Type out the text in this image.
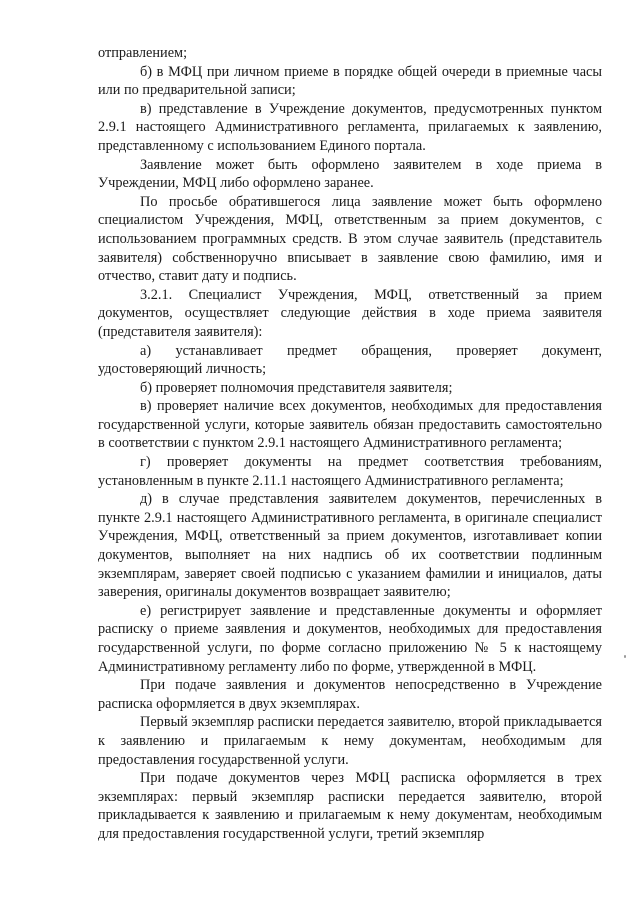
отправлением;

б) в МФЦ при личном приеме в порядке общей очереди в приемные часы или по предварительной записи;

в) представление в Учреждение документов, предусмотренных пунктом 2.9.1 настоящего Административного регламента, прилагаемых к заявлению, представленному с использованием Единого портала.

Заявление может быть оформлено заявителем в ходе приема в Учреждении, МФЦ либо оформлено заранее.

По просьбе обратившегося лица заявление может быть оформлено специалистом Учреждения, МФЦ, ответственным за прием документов, с использованием программных средств. В этом случае заявитель (представитель заявителя) собственноручно вписывает в заявление свою фамилию, имя и отчество, ставит дату и подпись.

3.2.1. Специалист Учреждения, МФЦ, ответственный за прием документов, осуществляет следующие действия в ходе приема заявителя (представителя заявителя):

а) устанавливает предмет обращения, проверяет документ, удостоверяющий личность;

б) проверяет полномочия представителя заявителя;

в) проверяет наличие всех документов, необходимых для предоставления государственной услуги, которые заявитель обязан предоставить самостоятельно в соответствии с пунктом 2.9.1 настоящего Административного регламента;

г) проверяет документы на предмет соответствия требованиям, установленным в пункте 2.11.1 настоящего Административного регламента;

д) в случае представления заявителем документов, перечисленных в пункте 2.9.1 настоящего Административного регламента, в оригинале специалист Учреждения, МФЦ, ответственный за прием документов, изготавливает копии документов, выполняет на них надпись об их соответствии подлинным экземплярам, заверяет своей подписью с указанием фамилии и инициалов, даты заверения, оригиналы документов возвращает заявителю;

е) регистрирует заявление и представленные документы и оформляет расписку о приеме заявления и документов, необходимых для предоставления государственной услуги, по форме согласно приложению № 5 к настоящему Административному регламенту либо по форме, утвержденной в МФЦ.

При подаче заявления и документов непосредственно в Учреждение расписка оформляется в двух экземплярах.

Первый экземпляр расписки передается заявителю, второй прикладывается к заявлению и прилагаемым к нему документам, необходимым для предоставления государственной услуги.

При подаче документов через МФЦ расписка оформляется в трех экземплярах: первый экземпляр расписки передается заявителю, второй прикладывается к заявлению и прилагаемым к нему документам, необходимым для предоставления государственной услуги, третий экземпляр
